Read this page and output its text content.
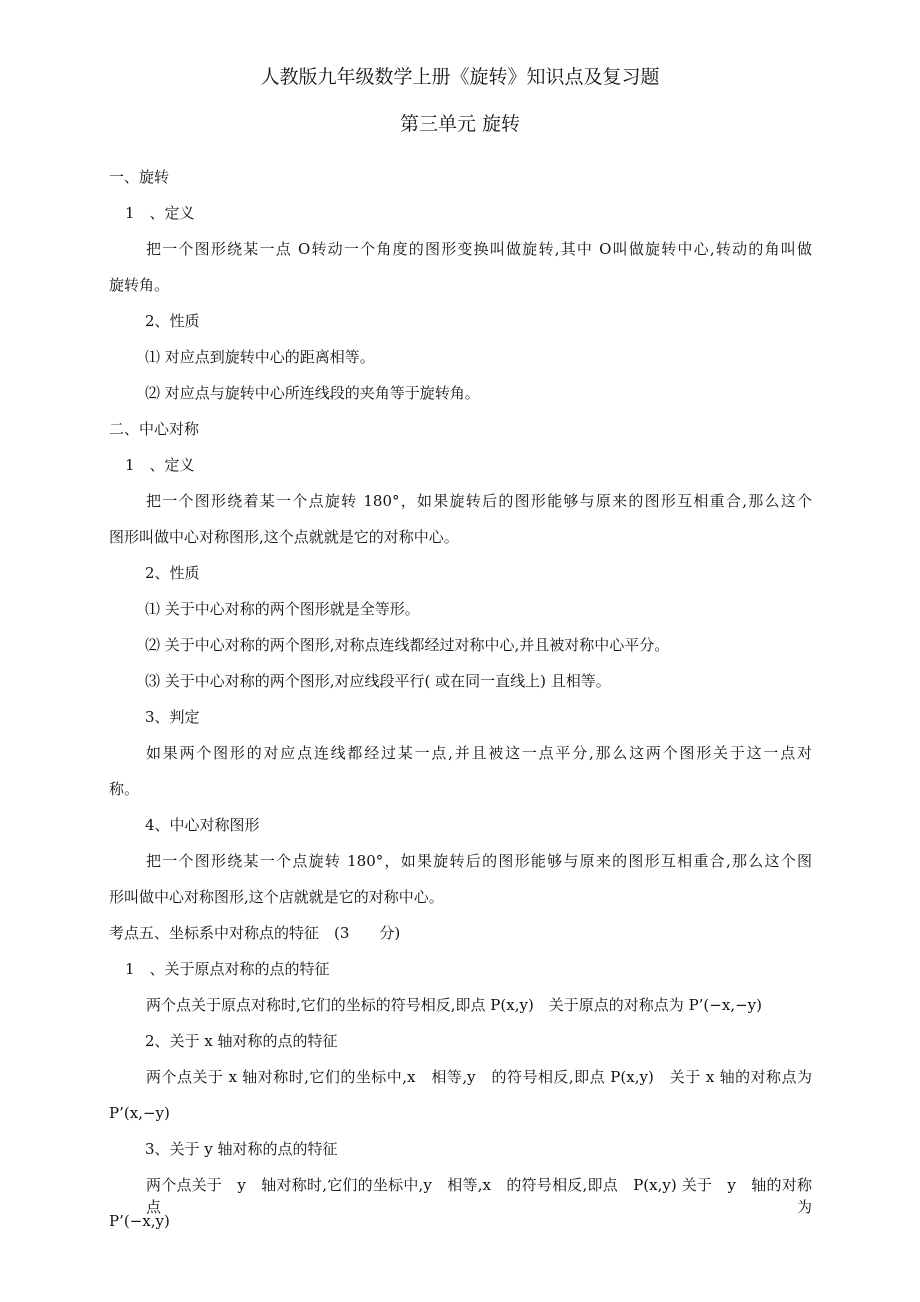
人教版九年级数学上册《旋转》知识点及复习题
第三单元 旋转
一、旋转
1　、定义
把一个图形绕某一点 O转动一个角度的图形变换叫做旋转,其中 O叫做旋转中心,转动的角叫做
旋转角。
2、性质
⑴ 对应点到旋转中心的距离相等。
⑵ 对应点与旋转中心所连线段的夹角等于旋转角。
二、中心对称
1　、定义
把一个图形绕着某一个点旋转 180°，如果旋转后的图形能够与原来的图形互相重合,那么这个
图形叫做中心对称图形,这个点就就是它的对称中心。
2、性质
⑴ 关于中心对称的两个图形就是全等形。
⑵ 关于中心对称的两个图形,对称点连线都经过对称中心,并且被对称中心平分。
⑶ 关于中心对称的两个图形,对应线段平行( 或在同一直线上) 且相等。
3、判定
如果两个图形的对应点连线都经过某一点,并且被这一点平分,那么这两个图形关于这一点对
称。
4、中心对称图形
把一个图形绕某一个点旋转 180°，如果旋转后的图形能够与原来的图形互相重合,那么这个图
形叫做中心对称图形,这个店就就是它的对称中心。
考点五、坐标系中对称点的特征　(3　　分)
1　、关于原点对称的点的特征
两个点关于原点对称时,它们的坐标的符号相反,即点 P(x,y)　关于原点的对称点为 P’(−x,−y)
2、关于 x 轴对称的点的特征
两个点关于 x 轴对称时,它们的坐标中,x　相等,y　的符号相反,即点 P(x,y)　关于 x 轴的对称点为
P’(x,−y)
3、关于 y 轴对称的点的特征
两个点关于　y　轴对称时,它们的坐标中,y　相等,x　的符号相反,即点　P(x,y) 关于　y　轴的对称点为
P’(−x,y)
